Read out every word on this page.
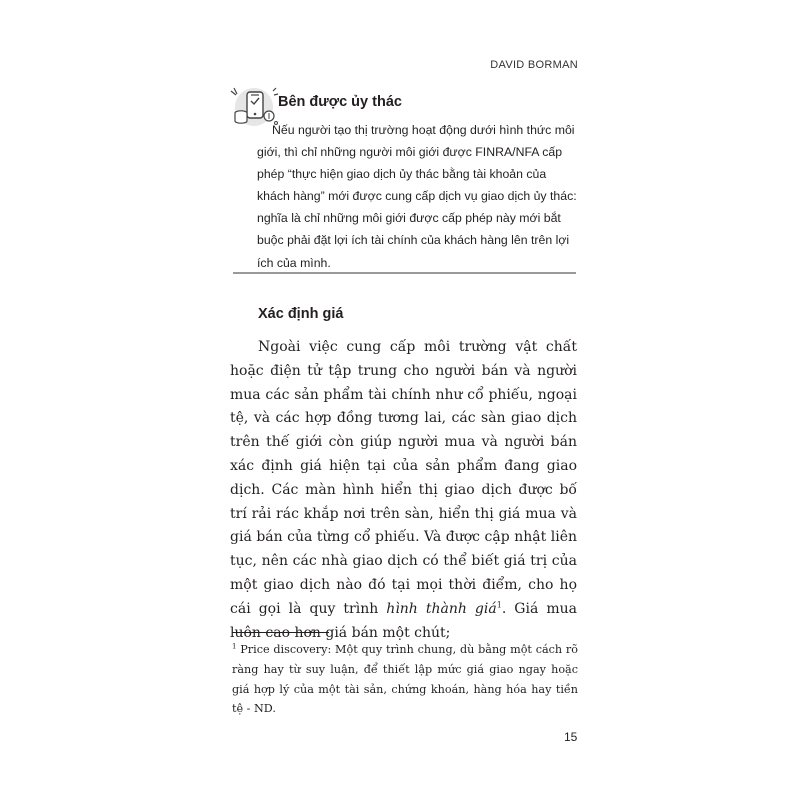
DAVID BORMAN
Bên được ủy thác

Nếu người tạo thị trường hoạt động dưới hình thức môi giới, thì chỉ những người môi giới được FINRA/NFA cấp phép “thực hiện giao dịch ủy thác bằng tài khoản của khách hàng” mới được cung cấp dịch vụ giao dịch ủy thác: nghĩa là chỉ những môi giới được cấp phép này mới bắt buộc phải đặt lợi ích tài chính của khách hàng lên trên lợi ích của mình.

Xác định giá

Ngoài việc cung cấp môi trường vật chất hoặc điện tử tập trung cho người bán và người mua các sản phẩm tài chính như cổ phiếu, ngoại tệ, và các hợp đồng tương lai, các sàn giao dịch trên thế giới còn giúp người mua và người bán xác định giá hiện tại của sản phẩm đang giao dịch. Các màn hình hiển thị giao dịch được bố trí rải rác khắp nơi trên sàn, hiển thị giá mua và giá bán của từng cổ phiếu. Và được cập nhật liên tục, nên các nhà giao dịch có thể biết giá trị của một giao dịch nào đó tại mọi thời điểm, cho họ cái gọi là quy trình hình thành giá$^1$. Giá mua luôn cao hơn giá bán một chút;

$^1$ Price discovery: Một quy trình chung, dù bằng một cách rõ ràng hay từ suy luận, để thiết lập mức giá giao ngay hoặc giá hợp lý của một tài sản, chứng khoán, hàng hóa hay tiền tệ - ND.

15
